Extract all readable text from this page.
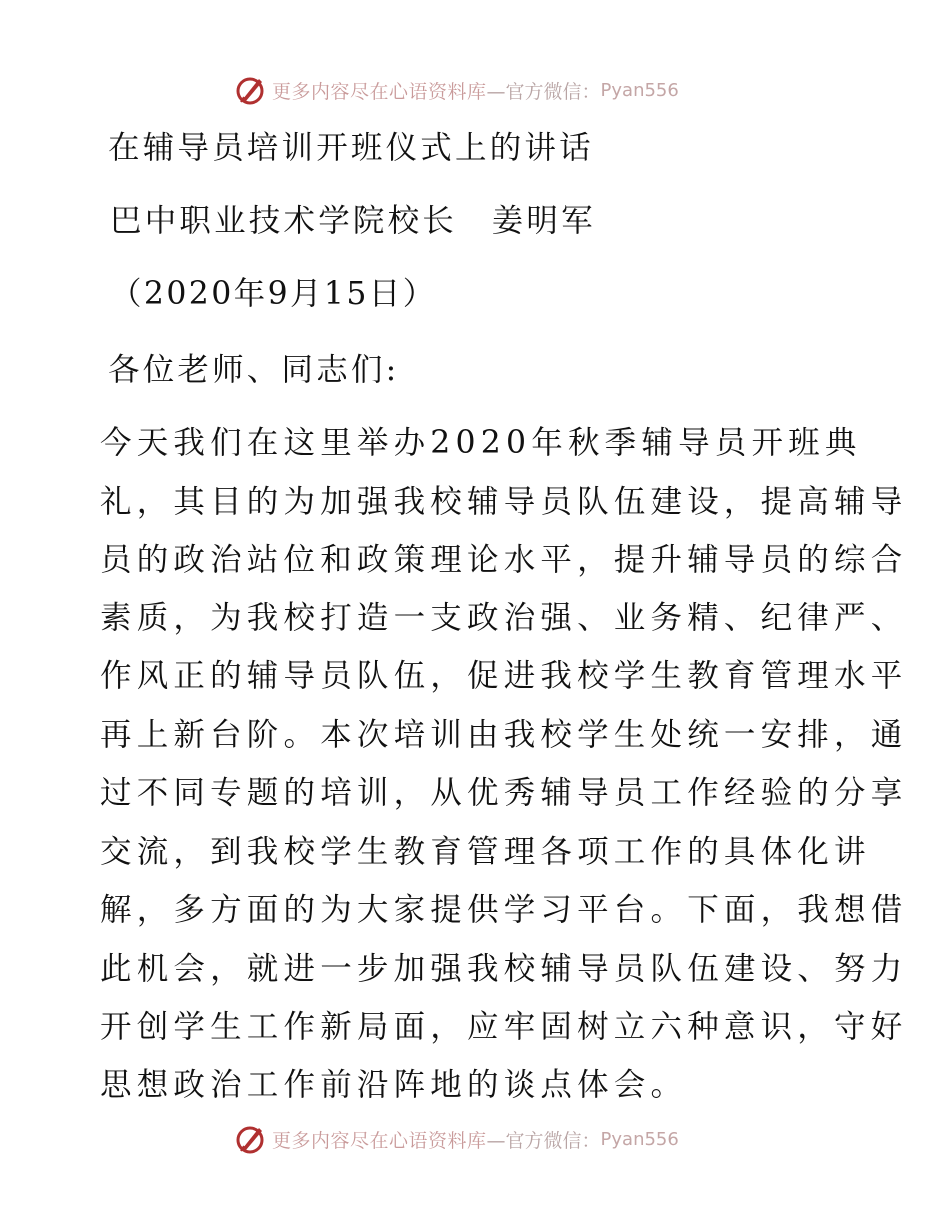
更多内容尽在心语资料库 —官方微信： Pyan556
在辅导员培训开班仪式上的讲话
巴中职业技术学院校长　姜明军
（2020年9月15日）
各位老师、同志们:
今天我们在这里举办2020年秋季辅导员开班典
礼，其目的为加强我校辅导员队伍建设，提高辅导
员的政治站位和政策理论水平，提升辅导员的综合
素质，为我校打造一支政治强、业务精、纪律严、
作风正的辅导员队伍，促进我校学生教育管理水平
再上新台阶。本次培训由我校学生处统一安排，通
过不同专题的培训，从优秀辅导员工作经验的分享
交流，到我校学生教育管理各项工作的具体化讲
解，多方面的为大家提供学习平台。下面，我想借
此机会，就进一步加强我校辅导员队伍建设、努力
开创学生工作新局面，应牢固树立六种意识，守好
思想政治工作前沿阵地的谈点体会。
更多内容尽在心语资料库 —官方微信： Pyan556
